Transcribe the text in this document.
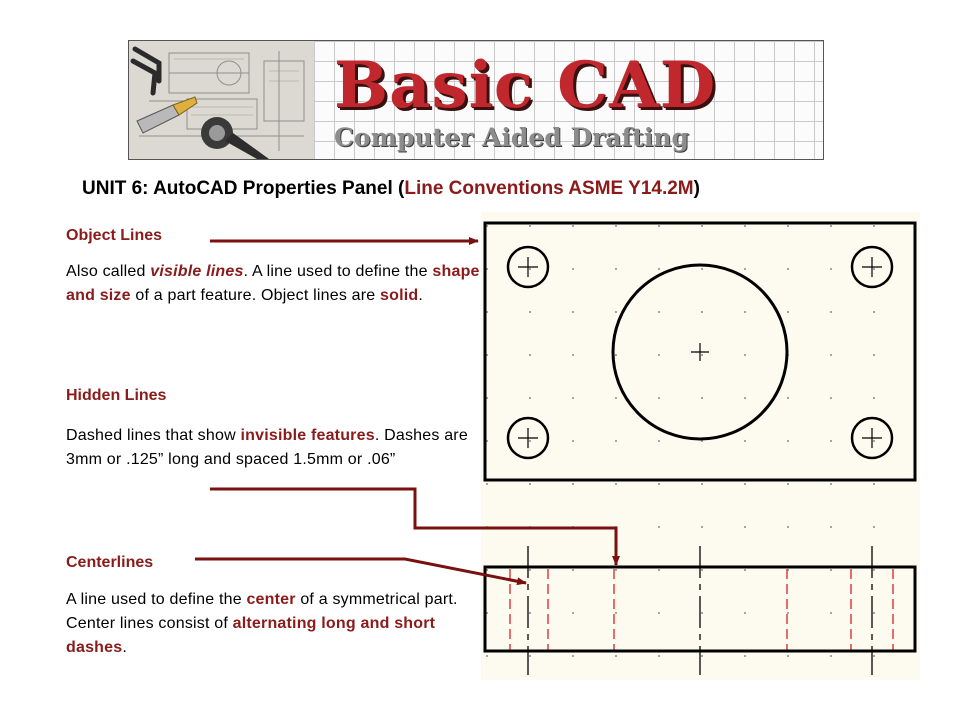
Basic CAD
Computer Aided Drafting
UNIT 6: AutoCAD Properties Panel (Line Conventions ASME Y14.2M)
Object Lines
Also called visible lines. A line used to define the shape and size of a part feature. Object lines are solid.
Hidden Lines
Dashed lines that show invisible features. Dashes are 3mm or .125” long and spaced 1.5mm or .06”
Centerlines
A line used to define the center of a symmetrical part. Center lines consist of alternating long and short dashes.
